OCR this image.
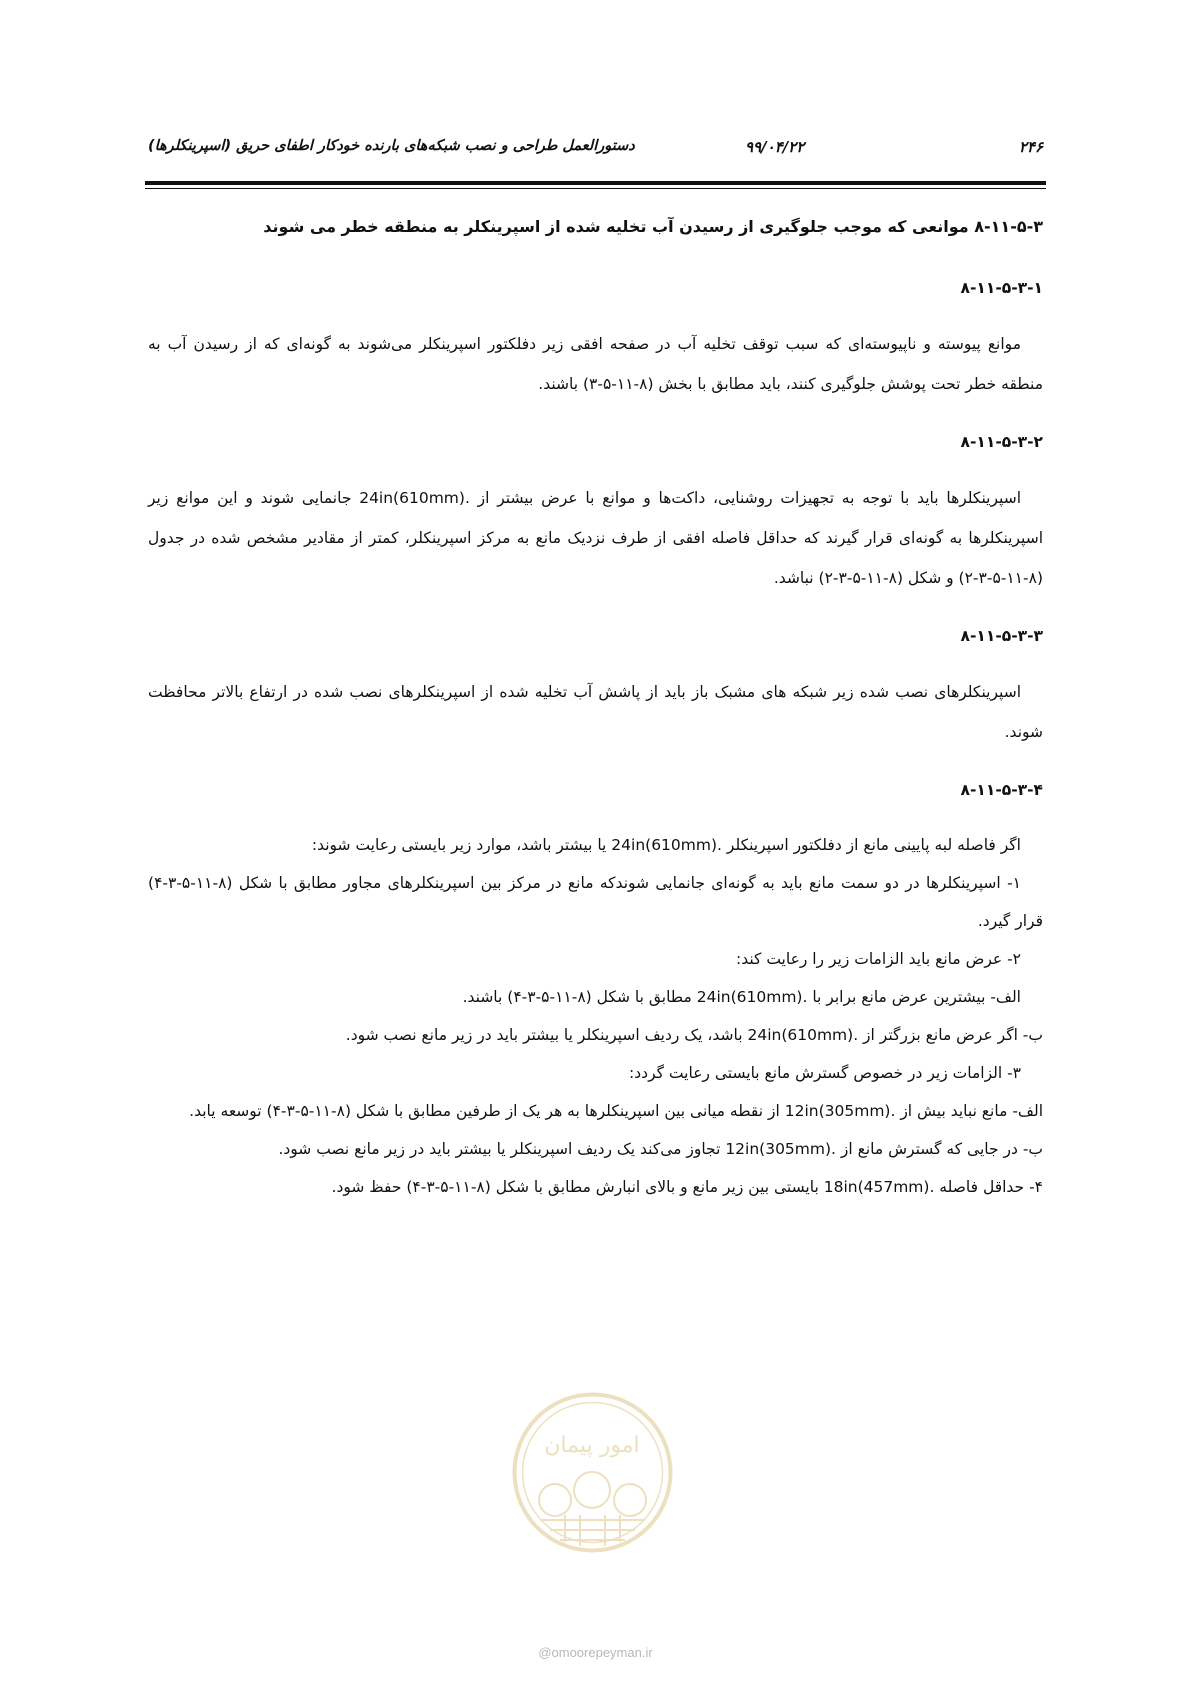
۲۴۶
۹۹/۰۴/۲۲
دستورالعمل طراحی و نصب شبکه‌های بارنده خودکار اطفای حریق (اسپرینکلرها)
۸-۱۱-۵-۳ موانعی که موجب جلوگیری از رسیدن آب تخلیه شده از اسپرینکلر به منطقه خطر می شوند
۸-۱۱-۵-۳-۱

موانع پیوسته و ناپیوسته‌ای که سبب توقف تخلیه آب در صفحه افقی زیر دفلکتور اسپرینکلر می‌شوند به گونه‌ای که از رسیدن آب به منطقه خطر تحت پوشش جلوگیری کنند، باید مطابق با بخش (۸-۱۱-۵-۳) باشند.

۸-۱۱-۵-۳-۲

اسپرینکلرها باید با توجه به تجهیزات روشنایی، داکت‌ها و موانع با عرض بیشتر از .24in(610mm) جانمایی شوند و این موانع زیر اسپرینکلرها به گونه‌ای قرار گیرند که حداقل فاصله افقی از طرف نزدیک مانع به مرکز اسپرینکلر، کمتر از مقادیر مشخص شده در جدول (۸-۱۱-۵-۳-۲) و شکل (۸-۱۱-۵-۳-۲) نباشد.

۸-۱۱-۵-۳-۳

اسپرینکلرهای نصب شده زیر شبکه های مشبک باز باید از پاشش آب تخلیه شده از اسپرینکلرهای نصب شده در ارتفاع بالاتر محافظت شوند.

۸-۱۱-۵-۳-۴

اگر فاصله لبه پایینی مانع از دفلکتور اسپرینکلر .24in(610mm) یا بیشتر باشد، موارد زیر بایستی رعایت شوند:

۱- اسپرینکلرها در دو سمت مانع باید به گونه‌ای جانمایی شوندکه مانع در مرکز بین اسپرینکلرهای مجاور مطابق با شکل (۸-۱۱-۵-۳-۴) قرار گیرد.

۲- عرض مانع باید الزامات زیر را رعایت کند:

الف- بیشترین عرض مانع برابر با .24in(610mm) مطابق با شکل (۸-۱۱-۵-۳-۴) باشند.

ب- اگر عرض مانع بزرگتر از .24in(610mm) باشد، یک ردیف اسپرینکلر یا بیشتر باید در زیر مانع نصب شود.

۳- الزامات زیر در خصوص گسترش مانع بایستی رعایت گردد:

الف- مانع نباید بیش از .12in(305mm) از نقطه میانی بین اسپرینکلرها به هر یک از طرفین مطابق با شکل (۸-۱۱-۵-۳-۴) توسعه یابد.

ب- در جایی که گسترش مانع از .12in(305mm) تجاوز می‌کند یک ردیف اسپرینکلر یا بیشتر باید در زیر مانع نصب شود.

۴- حداقل فاصله .18in(457mm) بایستی بین زیر مانع و بالای انبارش مطابق با شکل (۸-۱۱-۵-۳-۴) حفظ شود.

امور پیمان
@omoorepeyman.ir
